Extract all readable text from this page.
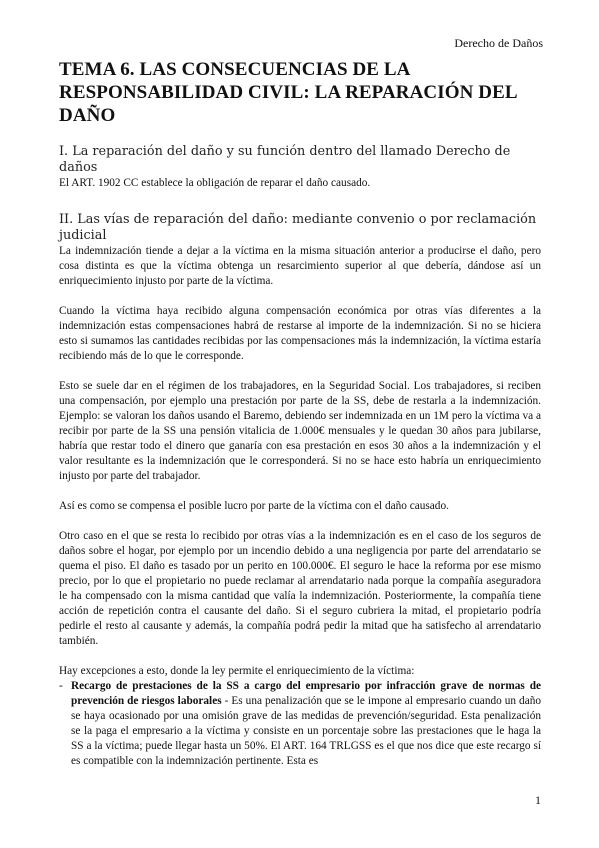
Derecho de Daños
TEMA 6. LAS CONSECUENCIAS DE LA RESPONSABILIDAD CIVIL: LA REPARACIÓN DEL DAÑO
I. La reparación del daño y su función dentro del llamado Derecho de daños

El ART. 1902 CC establece la obligación de reparar el daño causado.

II. Las vías de reparación del daño: mediante convenio o por reclamación judicial

La indemnización tiende a dejar a la víctima en la misma situación anterior a producirse el daño, pero cosa distinta es que la víctima obtenga un resarcimiento superior al que debería, dándose así un enriquecimiento injusto por parte de la víctima.

Cuando la víctima haya recibido alguna compensación económica por otras vías diferentes a la indemnización estas compensaciones habrá de restarse al importe de la indemnización. Si no se hiciera esto si sumamos las cantidades recibidas por las compensaciones más la indemnización, la víctima estaría recibiendo más de lo que le corresponde.

Esto se suele dar en el régimen de los trabajadores, en la Seguridad Social. Los trabajadores, si reciben una compensación, por ejemplo una prestación por parte de la SS, debe de restarla a la indemnización. Ejemplo: se valoran los daños usando el Baremo, debiendo ser indemnizada en un 1M pero la víctima va a recibir por parte de la SS una pensión vitalicia de 1.000€ mensuales y le quedan 30 años para jubilarse, habría que restar todo el dinero que ganaría con esa prestación en esos 30 años a la indemnización y el valor resultante es la indemnización que le corresponderá. Si no se hace esto habría un enriquecimiento injusto por parte del trabajador.

Así es como se compensa el posible lucro por parte de la víctima con el daño causado.

Otro caso en el que se resta lo recibido por otras vías a la indemnización es en el caso de los seguros de daños sobre el hogar, por ejemplo por un incendio debido a una negligencia por parte del arrendatario se quema el piso. El daño es tasado por un perito en 100.000€. El seguro le hace la reforma por ese mismo precio, por lo que el propietario no puede reclamar al arrendatario nada porque la compañía aseguradora le ha compensado con la misma cantidad que valía la indemnización. Posteriormente, la compañía tiene acción de repetición contra el causante del daño. Si el seguro cubriera la mitad, el propietario podría pedirle el resto al causante y además, la compañía podrá pedir la mitad que ha satisfecho al arrendatario también.

Hay excepciones a esto, donde la ley permite el enriquecimiento de la víctima:

- Recargo de prestaciones de la SS a cargo del empresario por infracción grave de normas de prevención de riesgos laborales - Es una penalización que se le impone al empresario cuando un daño se haya ocasionado por una omisión grave de las medidas de prevención/seguridad. Esta penalización se la paga el empresario a la víctima y consiste en un porcentaje sobre las prestaciones que le haga la SS a la víctima; puede llegar hasta un 50%. El ART. 164 TRLGSS es el que nos dice que este recargo sí es compatible con la indemnización pertinente. Esta es
1
